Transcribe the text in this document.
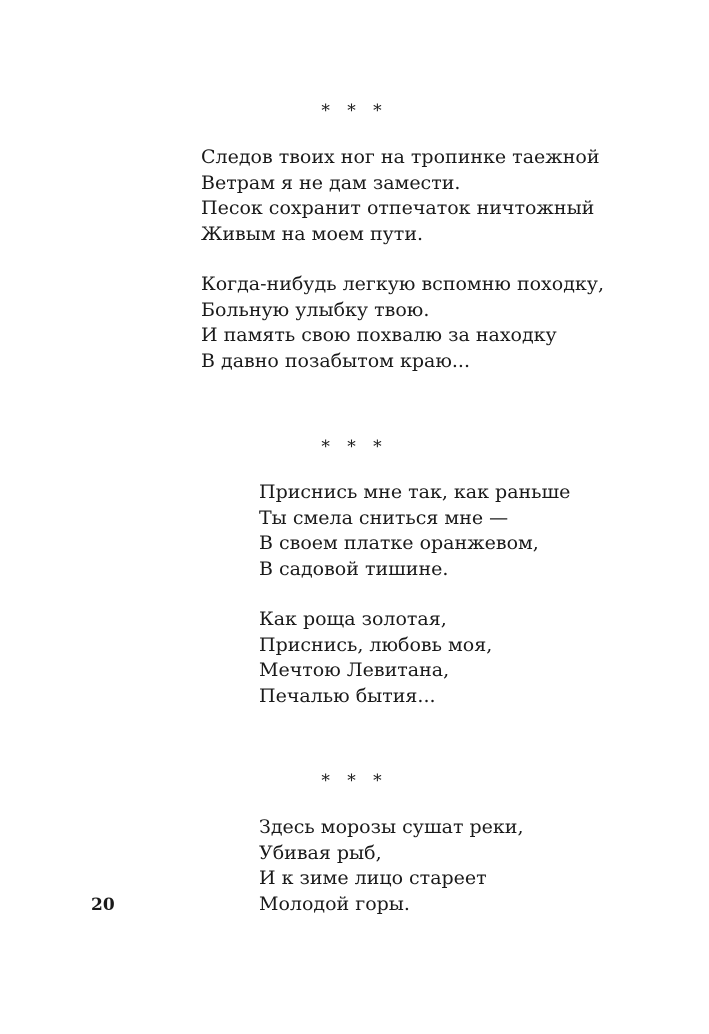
* * *
Следов твоих ног на тропинке таежной
Ветрам я не дам замести.
Песок сохранит отпечаток ничтожный
Живым на моем пути.
Когда-нибудь легкую вспомню походку,
Больную улыбку твою.
И память свою похвалю за находку
В давно позабытом краю...
* * *
Приснись мне так, как раньше
Ты смела сниться мне —
В своем платке оранжевом,
В садовой тишине.
Как роща золотая,
Приснись, любовь моя,
Мечтою Левитана,
Печалью бытия...
* * *
Здесь морозы сушат реки,
Убивая рыб,
И к зиме лицо стареет
Молодой горы.
20
